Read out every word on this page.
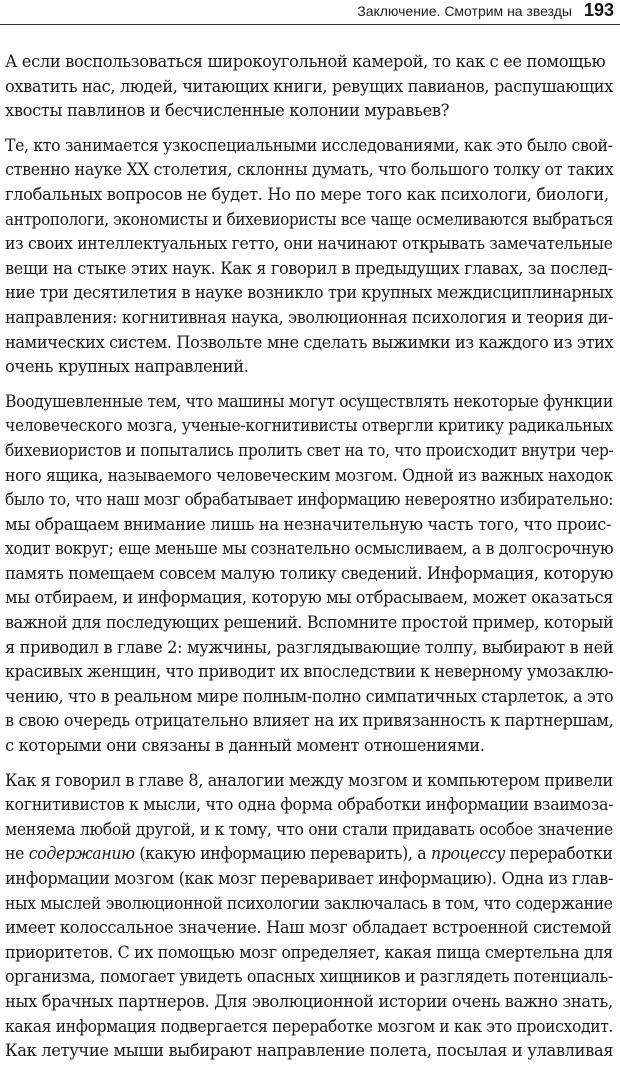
Заключение. Смотрим на звезды 193

А если воспользоваться широкоугольной камерой, то как с ее помощью
охватить нас, людей, читающих книги, ревущих павианов, распушающих
хвосты павлинов и бесчисленные колонии муравьев?

Те, кто занимается узкоспециальными исследованиями, как это было свой-
ственно науке XX столетия, склонны думать, что большого толку от таких
глобальных вопросов не будет. Но по мере того как психологи, биологи,
антропологи, экономисты и бихевиористы все чаще осмеливаются выбраться
из своих интеллектуальных гетто, они начинают открывать замечательные
вещи на стыке этих наук. Как я говорил в предыдущих главах, за послед-
ние три десятилетия в науке возникло три крупных междисциплинарных
направления: когнитивная наука, эволюционная психология и теория ди-
намических систем. Позвольте мне сделать выжимки из каждого из этих
очень крупных направлений.

Воодушевленные тем, что машины могут осуществлять некоторые функции
человеческого мозга, ученые-когнитивисты отвергли критику радикальных
бихевиористов и попытались пролить свет на то, что происходит внутри чер-
ного ящика, называемого человеческим мозгом. Одной из важных находок
было то, что наш мозг обрабатывает информацию невероятно избирательно:
мы обращаем внимание лишь на незначительную часть того, что проис-
ходит вокруг; еще меньше мы сознательно осмысливаем, а в долгосрочную
память помещаем совсем малую толику сведений. Информация, которую
мы отбираем, и информация, которую мы отбрасываем, может оказаться
важной для последующих решений. Вспомните простой пример, который
я приводил в главе 2: мужчины, разглядывающие толпу, выбирают в ней
красивых женщин, что приводит их впоследствии к неверному умозаклю-
чению, что в реальном мире полным-полно симпатичных старлеток, а это
в свою очередь отрицательно влияет на их привязанность к партнершам,
с которыми они связаны в данный момент отношениями.

Как я говорил в главе 8, аналогии между мозгом и компьютером привели
когнитивистов к мысли, что одна форма обработки информации взаимоза-
меняема любой другой, и к тому, что они стали придавать особое значение
не содержанию (какую информацию переварить), а процессу переработки
информации мозгом (как мозг переваривает информацию). Одна из глав-
ных мыслей эволюционной психологии заключалась в том, что содержание
имеет колоссальное значение. Наш мозг обладает встроенной системой
приоритетов. С их помощью мозг определяет, какая пища смертельна для
организма, помогает увидеть опасных хищников и разглядеть потенциаль-
ных брачных партнеров. Для эволюционной истории очень важно знать,
какая информация подвергается переработке мозгом и как это происходит.
Как летучие мыши выбирают направление полета, посылая и улавливая
